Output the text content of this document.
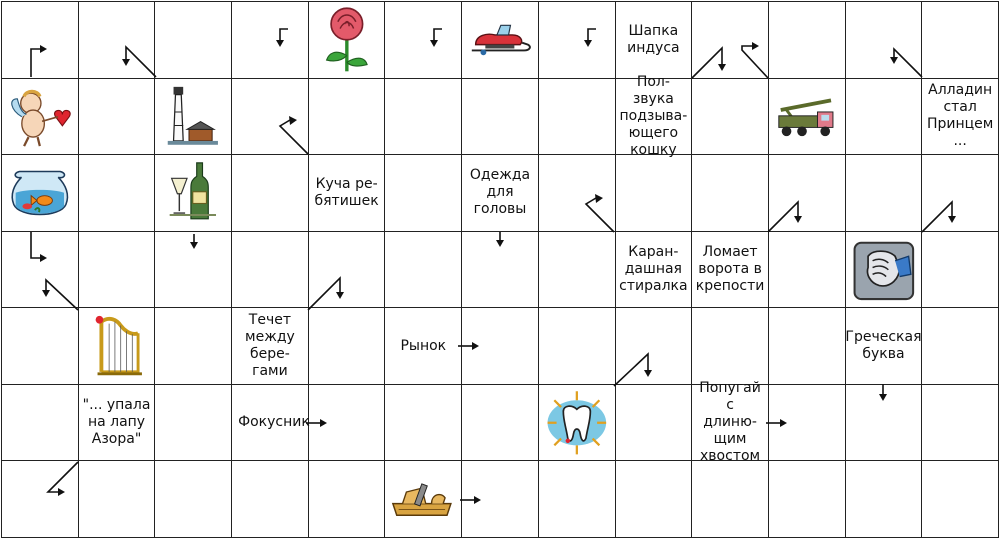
Шапка
индуса
Пол-звука
подзыва-
ющего
кошку
Алладин
стал
Принцем
...
Куча ре-
бятишек
Одежда
для
головы
Каран-
дашная
стиралка
Ломает
ворота в
крепости
Течет
между
бере-
гами
Рынок
Греческая
буква
"... упала
на лапу
Азора"
Фокусник
Попугай с
длиню-
щим
хвостом
